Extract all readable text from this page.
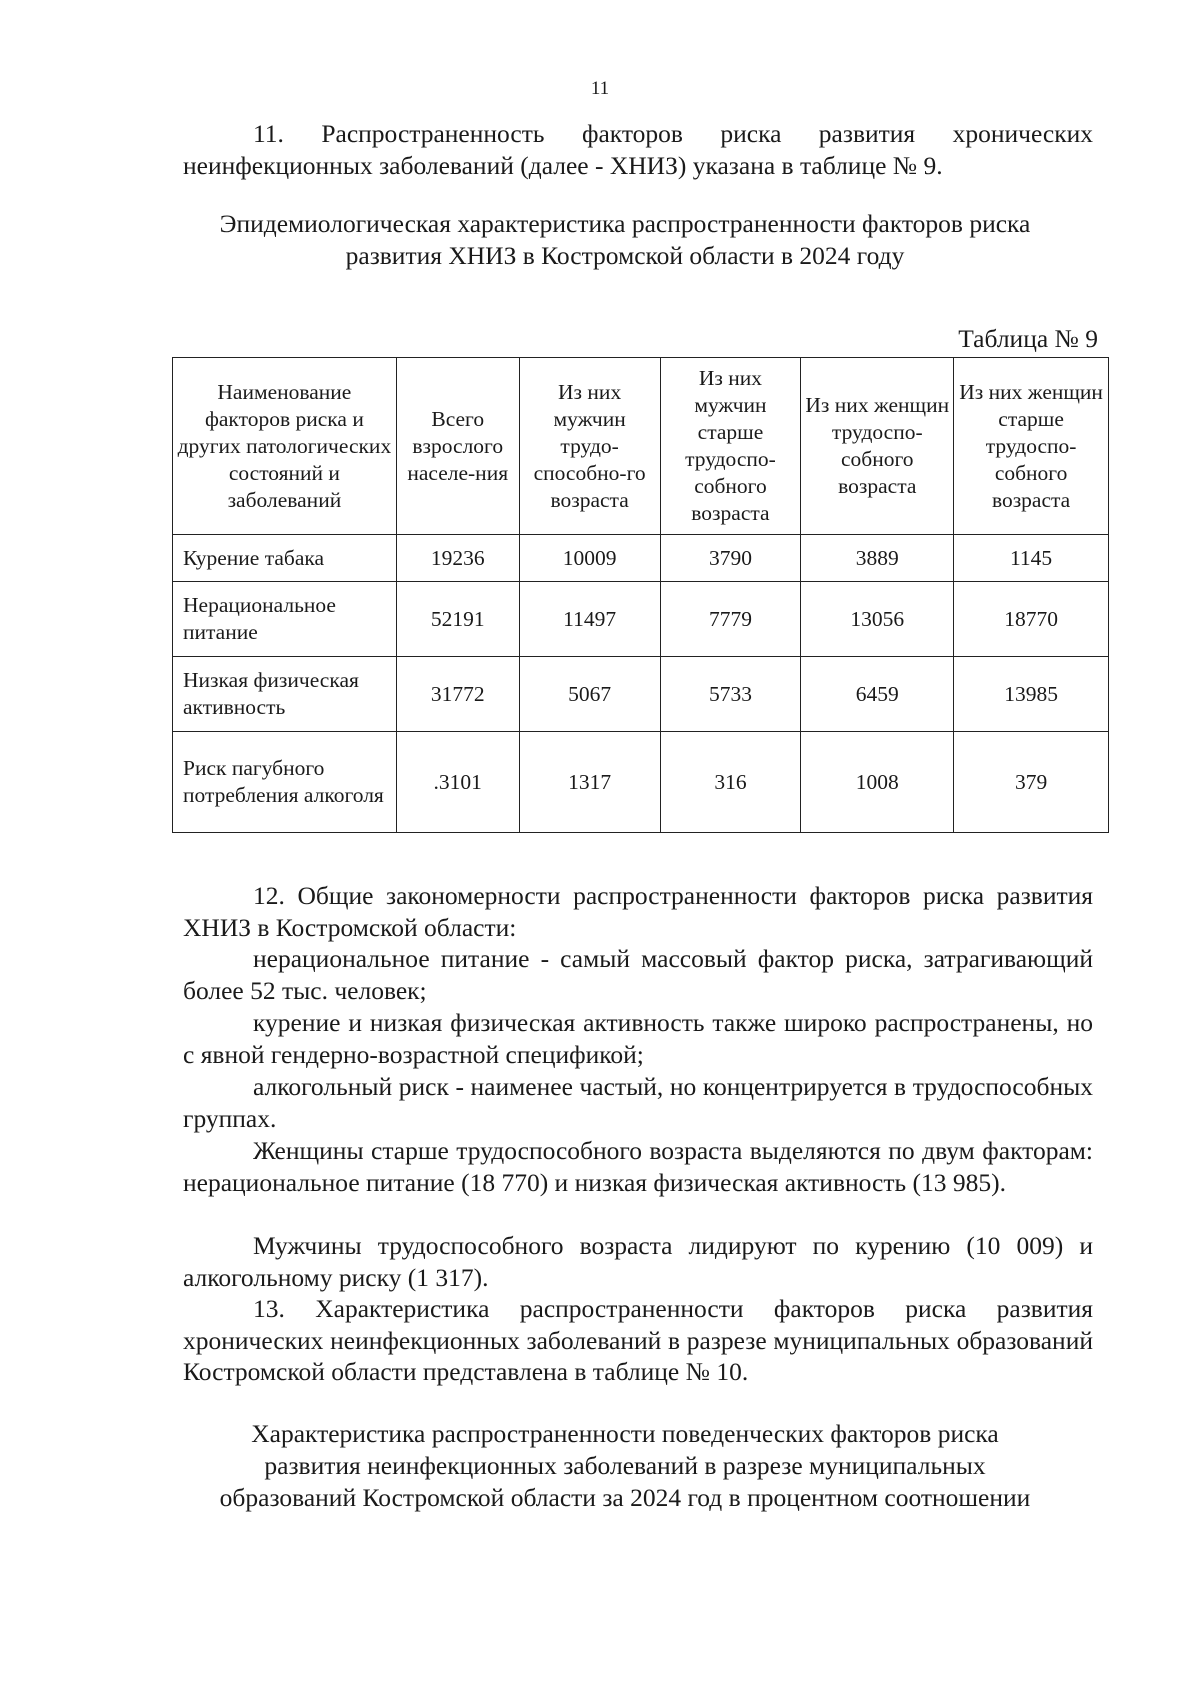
11

11. Распространенность факторов риска развития хронических неинфекционных заболеваний (далее - ХНИЗ) указана в таблице № 9.

Эпидемиологическая характеристика распространенности факторов риска
развития ХНИЗ в Костромской области в 2024 году
Таблица № 9
Наименование факторов риска и других патологических состояний и заболеваний	Всего взрослого населе-ния	Из них мужчин трудо-способно-го возраста	Из них мужчин старше трудоспо-собного возраста	Из них женщин трудоспо-собного возраста	Из них женщин старше трудоспо-собного возраста
Курение табака	19236	10009	3790	3889	1145
Нерациональное питание	52191	11497	7779	13056	18770
Низкая физическая активность	31772	5067	5733	6459	13985
Риск пагубного потребления алкоголя	.3101	1317	316	1008	379

12. Общие закономерности распространенности факторов риска развития ХНИЗ в Костромской области:

нерациональное питание - самый массовый фактор риска, затрагивающий более 52 тыс. человек;

курение и низкая физическая активность также широко распространены, но с явной гендерно-возрастной спецификой;

алкогольный риск - наименее частый, но концентрируется в трудоспособных группах.

Женщины старше трудоспособного возраста выделяются по двум факторам: нерациональное питание (18 770) и низкая физическая активность (13 985).

Мужчины трудоспособного возраста лидируют по курению (10 009) и алкогольному риску (1 317).

13. Характеристика распространенности факторов риска развития хронических неинфекционных заболеваний в разрезе муниципальных образований Костромской области представлена в таблице № 10.

Характеристика распространенности поведенческих факторов риска
развития неинфекционных заболеваний в разрезе муниципальных
образований Костромской области за 2024 год в процентном соотношении
